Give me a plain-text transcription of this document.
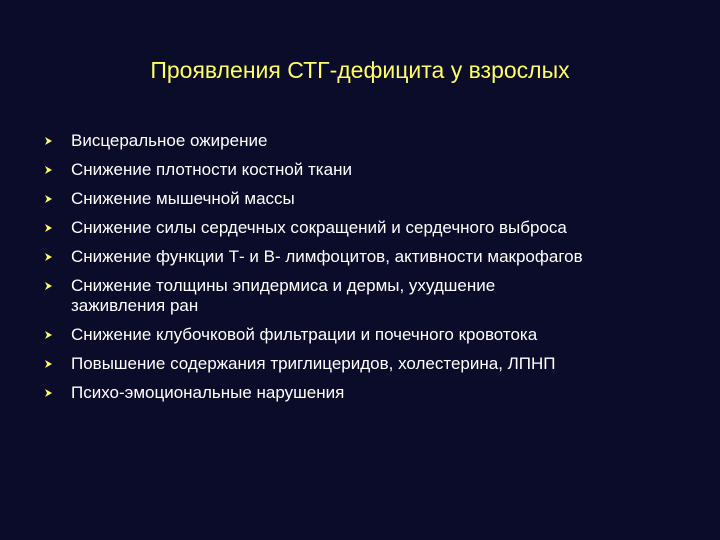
Проявления СТГ-дефицита у взрослых
Висцеральное ожирение
Снижение плотности костной ткани
Снижение мышечной массы
Снижение силы сердечных сокращений и сердечного выброса
Снижение функции Т- и В- лимфоцитов, активности макрофагов
Снижение толщины эпидермиса и дермы, ухудшение
заживления ран
Снижение клубочковой фильтрации и почечного кровотока
Повышение содержания триглицеридов, холестерина, ЛПНП
Психо-эмоциональные нарушения
